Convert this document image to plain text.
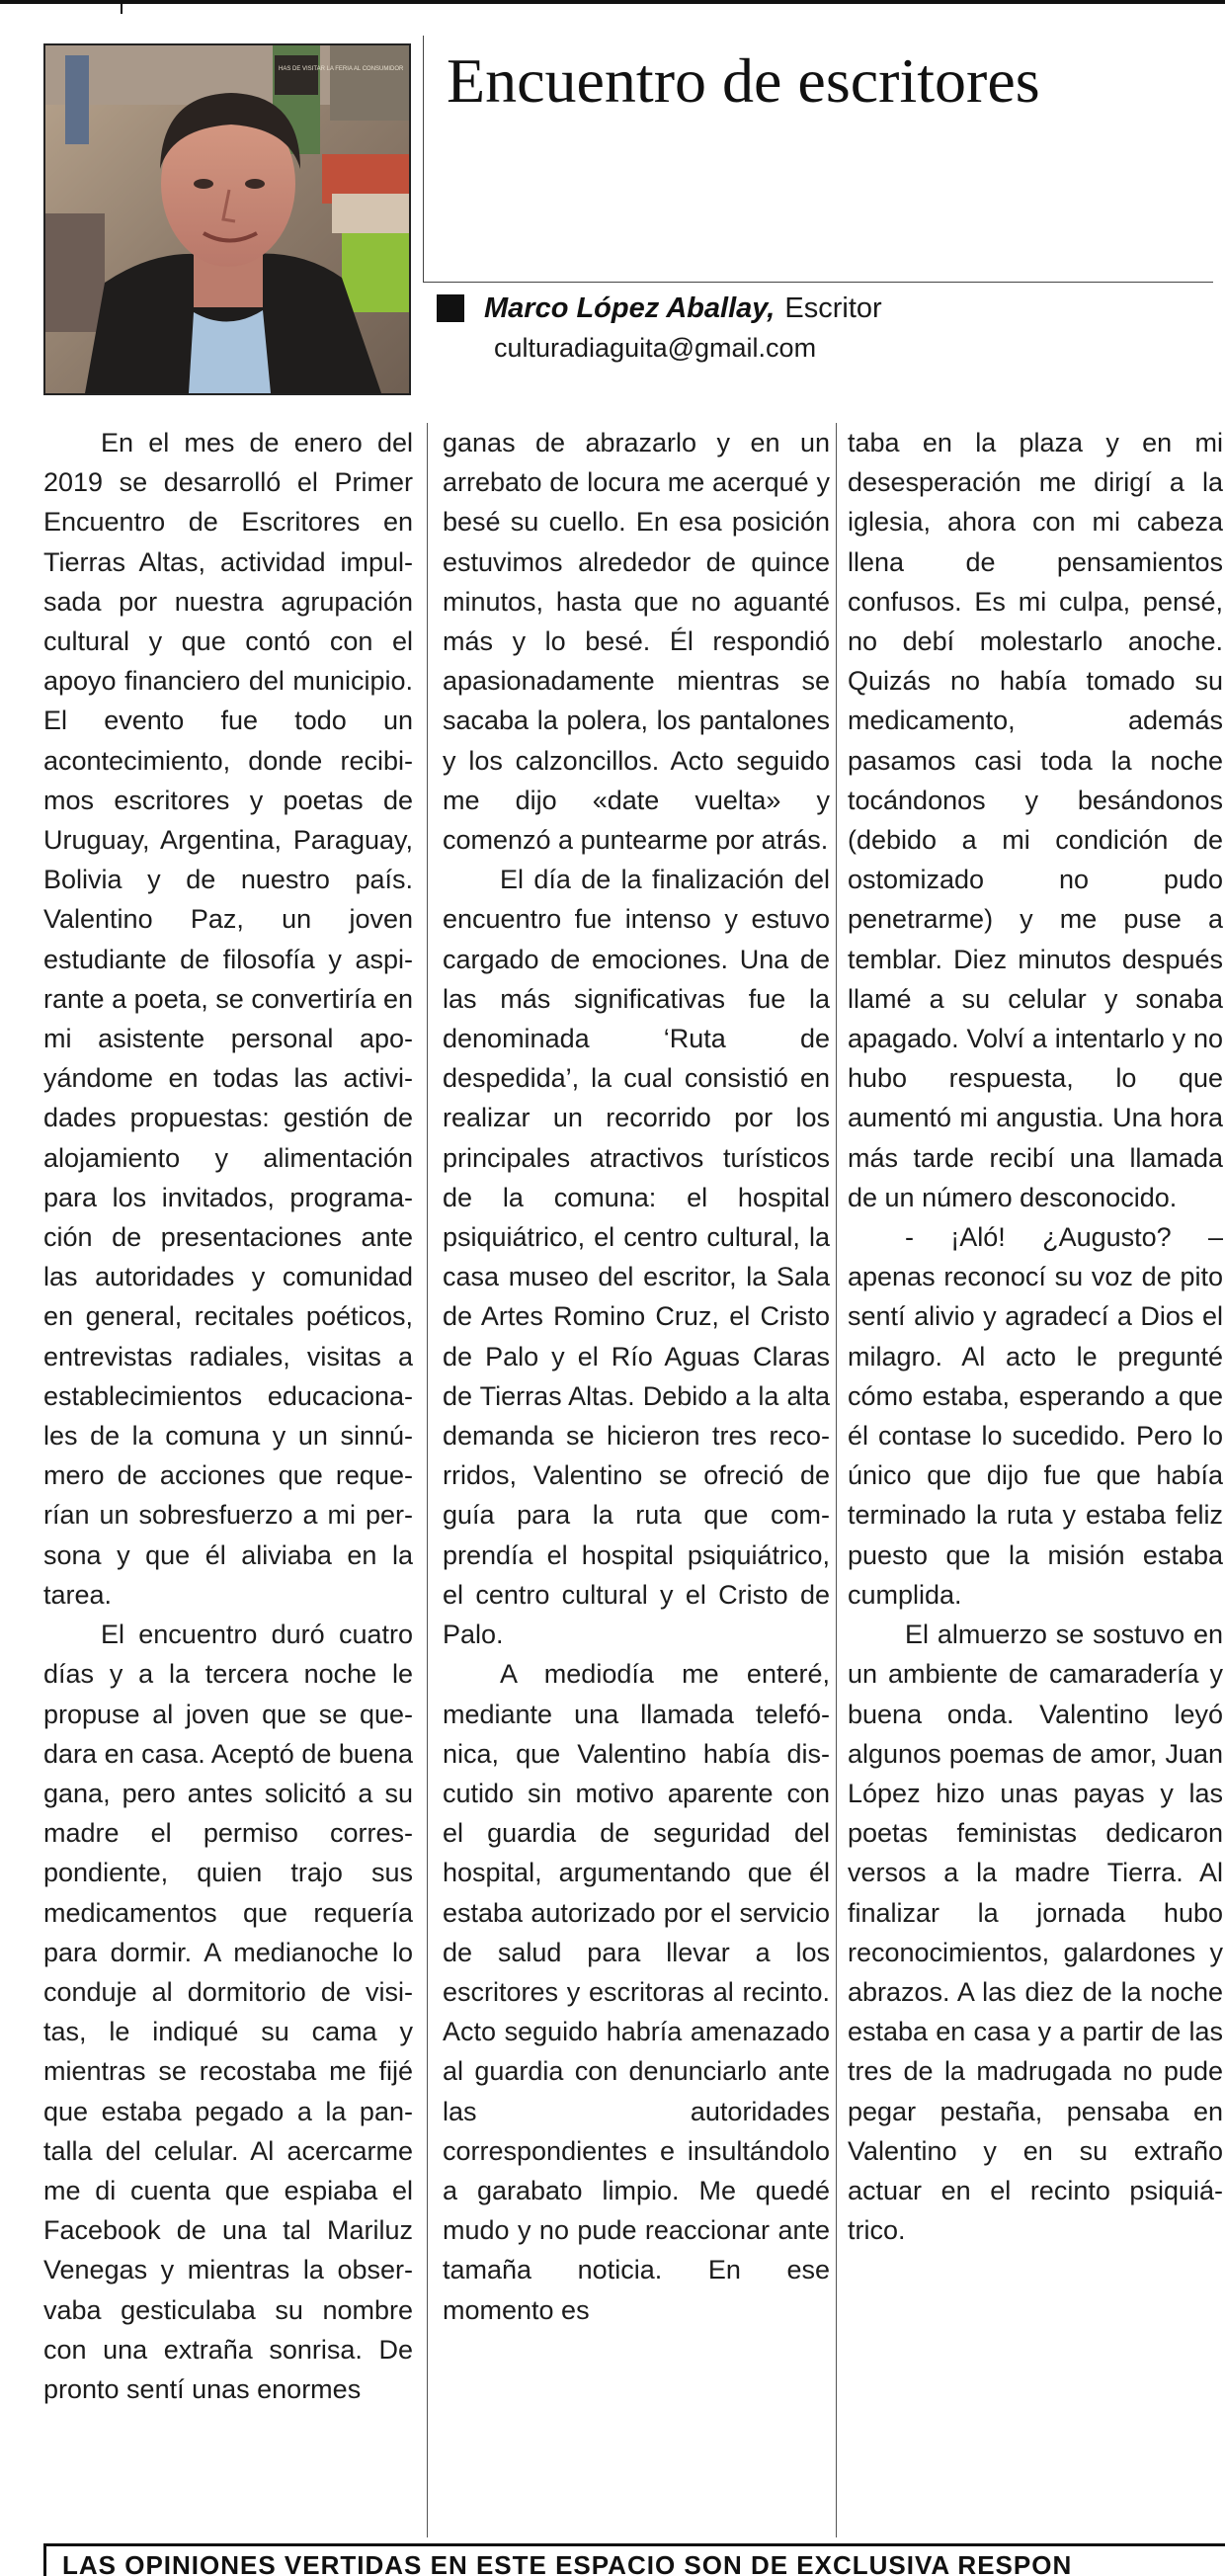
HAS DE VISITAR LA FERIA AL CONSUMIDOR Encuentro de escritores
Marco López Aballay, Escritor
culturadiaguita@gmail.com

En el mes de enero del 2019 se desarrolló el Primer Encuentro de Escritores en Tierras Altas, actividad impulsada por nuestra agrupación cultural y que contó con el apoyo financiero del municipio. El evento fue todo un acontecimiento, donde recibimos escritores y poetas de Uruguay, Argentina, Paraguay, Bolivia y de nuestro país. Valentino Paz, un joven estudiante de filosofía y aspirante a poeta, se convertiría en mi asistente personal apoyándome en todas las actividades propuestas: gestión de alojamiento y alimentación para los invitados, programación de presentaciones ante las autoridades y comunidad en general, recitales poéticos, entrevistas radiales, visitas a establecimientos educacionales de la comuna y un sinnúmero de acciones que requerían un sobresfuerzo a mi persona y que él aliviaba en la tarea.

El encuentro duró cuatro días y a la tercera noche le propuse al joven que se quedara en casa. Aceptó de buena gana, pero antes solicitó a su madre el permiso correspondiente, quien trajo sus medicamentos que requería para dormir. A medianoche lo conduje al dormitorio de visitas, le indiqué su cama y mientras se recostaba me fijé que estaba pegado a la pantalla del celular. Al acercarme me di cuenta que espiaba el Facebook de una tal Mariluz Venegas y mientras la observaba gesticulaba su nombre con una extraña sonrisa. De pronto sentí unas enormes

ganas de abrazarlo y en un arrebato de locura me acerqué y besé su cuello. En esa posición estuvimos alrededor de quince minutos, hasta que no aguanté más y lo besé. Él respondió apasionadamente mientras se sacaba la polera, los pantalones y los calzoncillos. Acto seguido me dijo «date vuelta» y comenzó a puntearme por atrás.

El día de la finalización del encuentro fue intenso y estuvo cargado de emociones. Una de las más significativas fue la denominada ‘Ruta de despedida’, la cual consistió en realizar un recorrido por los principales atractivos turísticos de la comuna: el hospital psiquiátrico, el centro cultural, la casa museo del escritor, la Sala de Artes Romino Cruz, el Cristo de Palo y el Río Aguas Claras de Tierras Altas. Debido a la alta demanda se hicieron tres recorridos, Valentino se ofreció de guía para la ruta que comprendía el hospital psiquiátrico, el centro cultural y el Cristo de Palo.

A mediodía me enteré, mediante una llamada telefónica, que Valentino había discutido sin motivo aparente con el guardia de seguridad del hospital, argumentando que él estaba autorizado por el servicio de salud para llevar a los escritores y escritoras al recinto. Acto seguido habría amenazado al guardia con denunciarlo ante las autoridades correspondientes e insultándolo a garabato limpio. Me quedé mudo y no pude reaccionar ante tamaña noticia. En ese momento es

taba en la plaza y en mi desesperación me dirigí a la iglesia, ahora con mi cabeza llena de pensamientos confusos. Es mi culpa, pensé, no debí molestarlo anoche. Quizás no había tomado su medicamento, además pasamos casi toda la noche tocándonos y besándonos (debido a mi condición de ostomizado no pudo penetrarme) y me puse a temblar. Diez minutos después llamé a su celular y sonaba apagado. Volví a intentarlo y no hubo respuesta, lo que aumentó mi angustia. Una hora más tarde recibí una llamada de un número desconocido.

- ¡Aló! ¿Augusto? – apenas reconocí su voz de pito sentí alivio y agradecí a Dios el milagro. Al acto le pregunté cómo estaba, esperando a que él contase lo sucedido. Pero lo único que dijo fue que había terminado la ruta y estaba feliz puesto que la misión estaba cumplida.

El almuerzo se sostuvo en un ambiente de camaradería y buena onda. Valentino leyó algunos poemas de amor, Juan López hizo unas payas y las poetas feministas dedicaron versos a la madre Tierra. Al finalizar la jornada hubo reconocimientos, galardones y abrazos. A las diez de la noche estaba en casa y a partir de las tres de la madrugada no pude pegar pestaña, pensaba en Valentino y en su extraño actuar en el recinto psiquiátrico.

LAS OPINIONES VERTIDAS EN ESTE ESPACIO SON DE EXCLUSIVA RESPON
